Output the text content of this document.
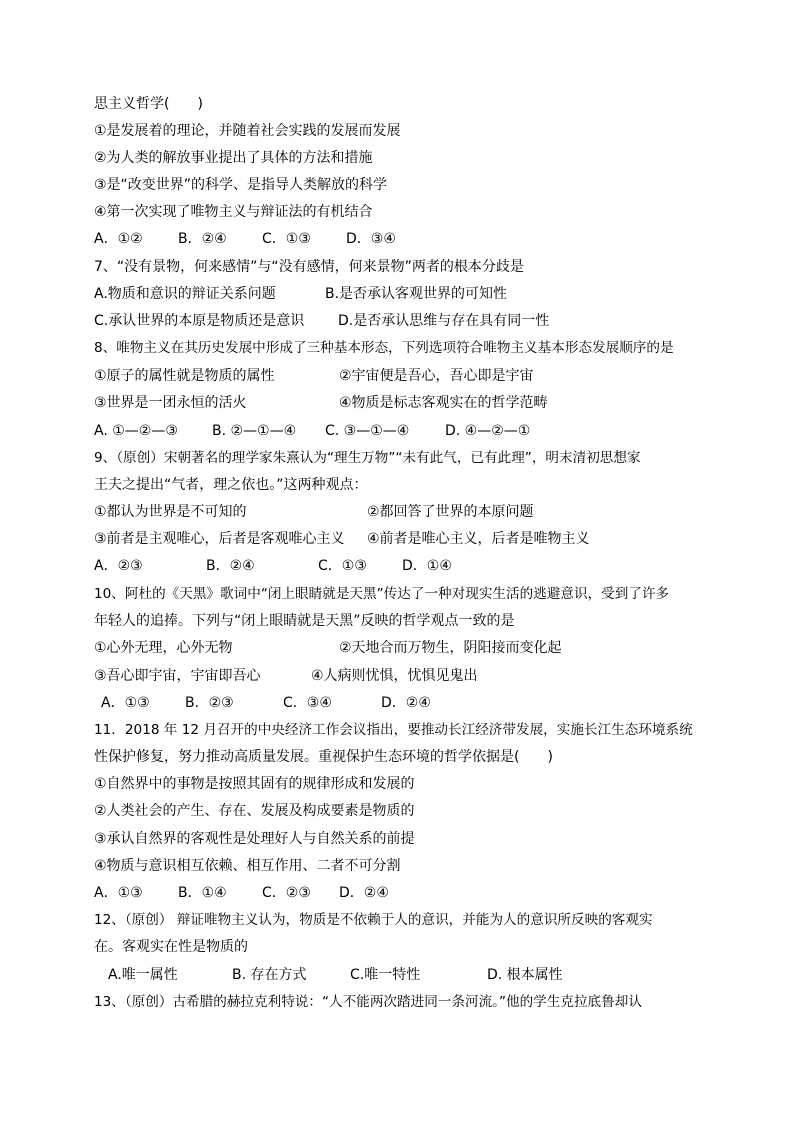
思主义哲学(　　)
①是发展着的理论，并随着社会实践的发展而发展
②为人类的解放事业提出了具体的方法和措施
③是“改变世界”的科学、是指导人类解放的科学
④第一次实现了唯物主义与辩证法的有机结合
A．①②	B．②④	C．①③	D．③④
7、“没有景物，何来感情”与“没有感情，何来景物”两者的根本分歧是
A.物质和意识的辩证关系问题	B.是否承认客观世界的可知性
C.承认世界的本原是物质还是意识 D.是否承认思维与存在具有同一性
8、唯物主义在其历史发展中形成了三种基本形态，下列选项符合唯物主义基本形态发展顺序的是
①原子的属性就是物质的属性	②宇宙便是吾心，吾心即是宇宙
③世界是一团永恒的活火	④物质是标志客观实在的哲学范畴
A. ①—②—③ B. ②—①—④ C. ③—①—④	D. ④—②—①
9、（原创）宋朝著名的理学家朱熹认为“理生万物”“未有此气，已有此理”，明末清初思想家
王夫之提出“气者，理之依也。”这两种观点：
①都认为世界是不可知的	②都回答了世界的本原问题
③前者是主观唯心，后者是客观唯心主义 ④前者是唯心主义，后者是唯物主义
A．②③	B．②④	C．①③	D．①④
10、阿杜的《天黑》歌词中“闭上眼睛就是天黑”传达了一种对现实生活的逃避意识，受到了许多
年轻人的追捧。下列与“闭上眼睛就是天黑”反映的哲学观点一致的是
①心外无理，心外无物	②天地合而万物生，阴阳接而变化起
③吾心即宇宙，宇宙即吾心	④人病则忧惧，忧惧见鬼出
A．①③	B．②③	C．③④	D．②④
11．2018 年 12 月召开的中央经济工作会议指出，要推动长江经济带发展，实施长江生态环境系统
性保护修复，努力推动高质量发展。重视保护生态环境的哲学依据是(　　)
①自然界中的事物是按照其固有的规律形成和发展的
②人类社会的产生、存在、发展及构成要素是物质的
③承认自然界的客观性是处理好人与自然关系的前提
④物质与意识相互依赖、相互作用、二者不可分割
A．①③	B．①④	C．②③ D．②④
12、（原创） 辩证唯物主义认为，物质是不依赖于人的意识，并能为人的意识所反映的客观实
在。客观实在性是物质的
A.唯一属性	B. 存在方式	C.唯一特性	D. 根本属性
13、（原创）古希腊的赫拉克利特说：“人不能两次踏进同一条河流。”他的学生克拉底鲁却认
